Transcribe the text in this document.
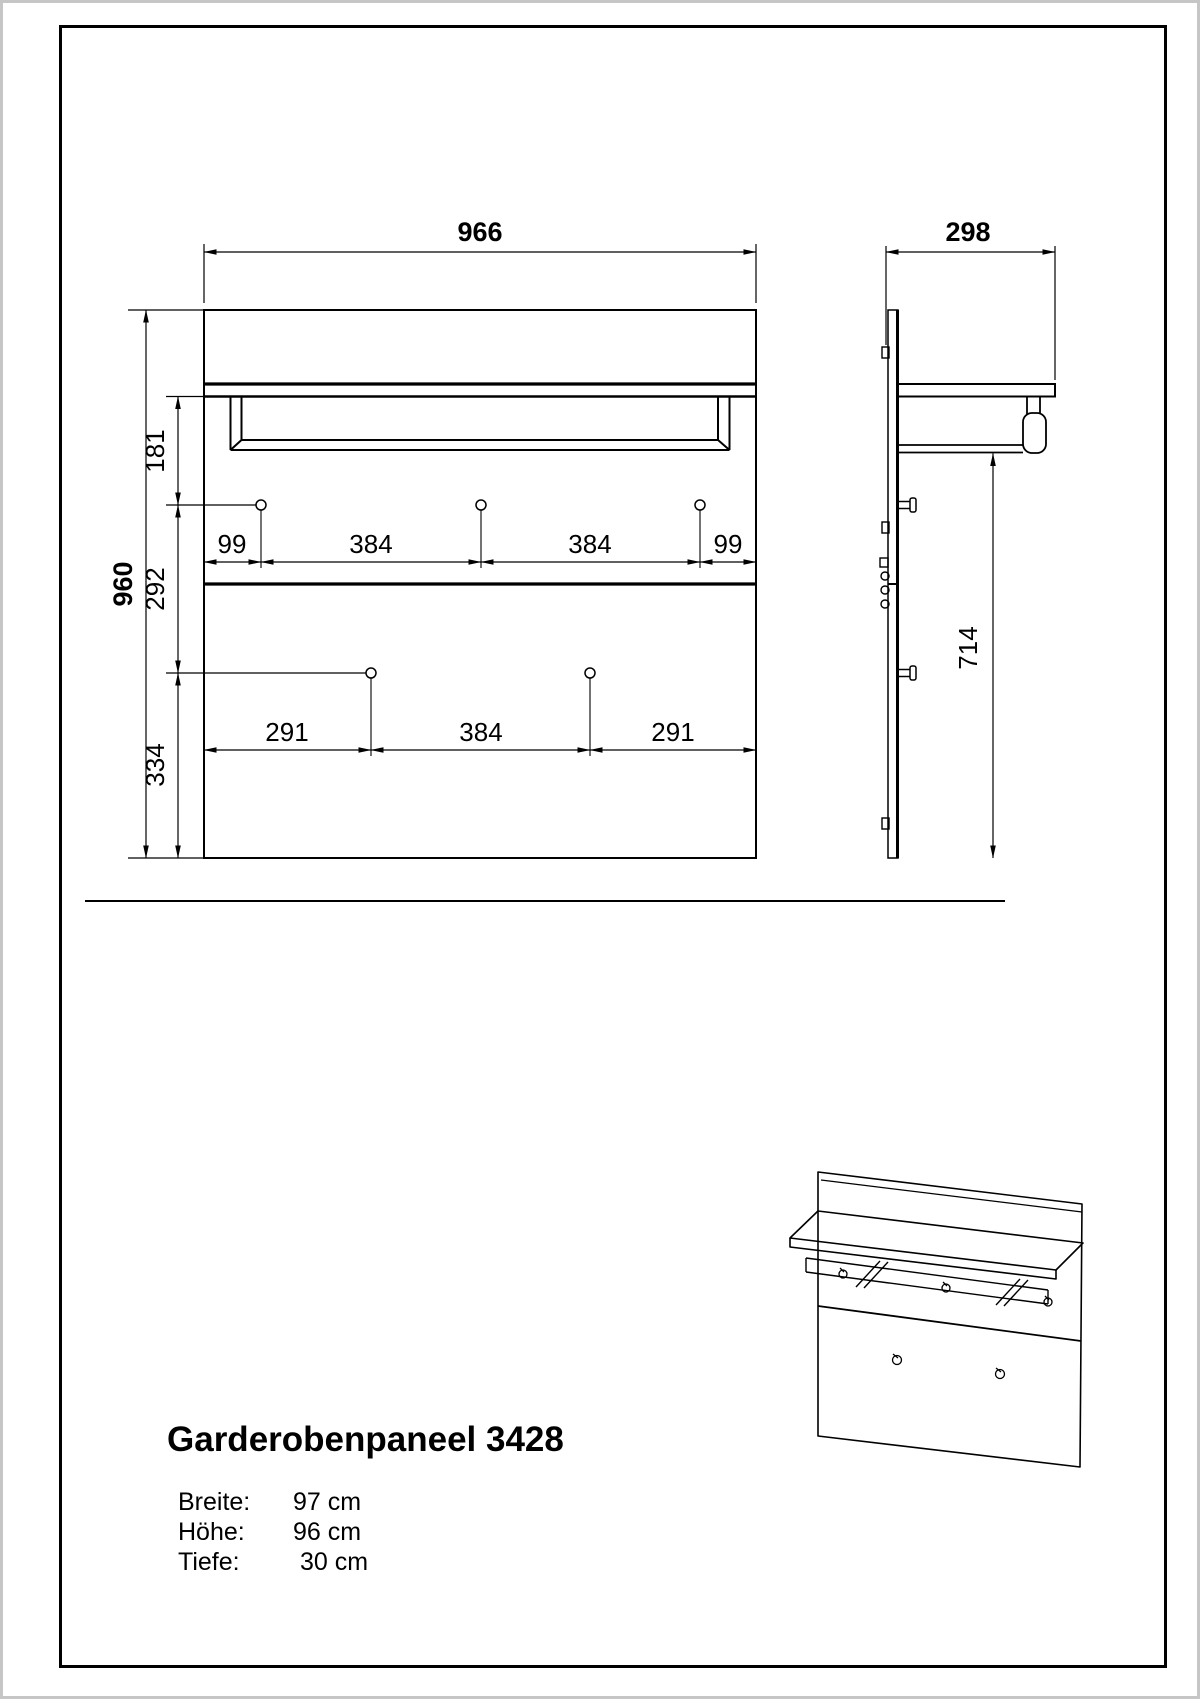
966
960
181
292
334
99	384	384	99
291	384	291
298
714
Garderobenpaneel 3428
Breite: 97 cm
Höhe: 96 cm
Tiefe: 30 cm
